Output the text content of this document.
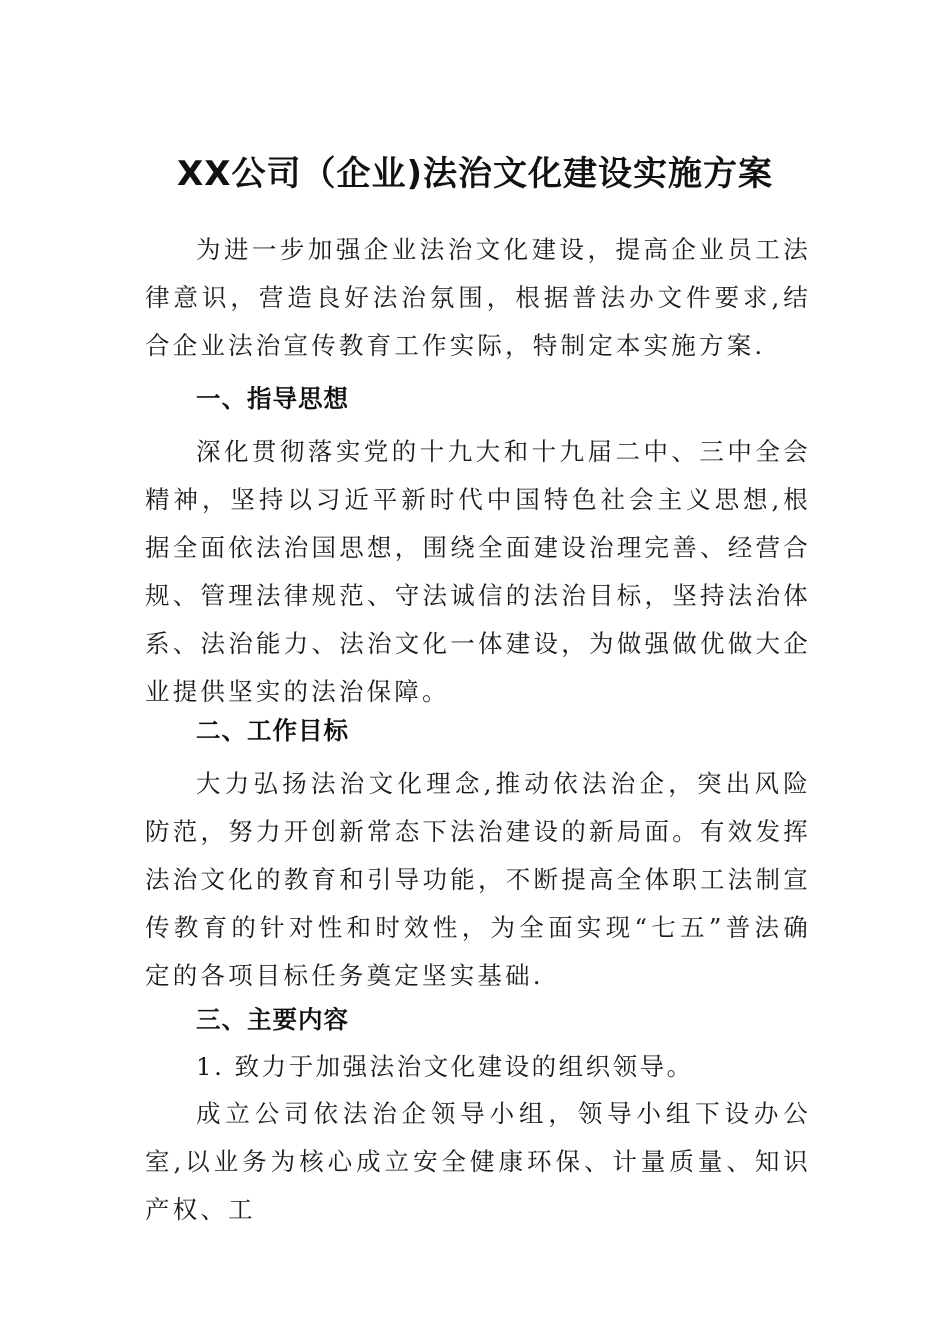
XX公司（企业)法治文化建设实施方案

为进一步加强企业法治文化建设，提高企业员工法律意识，营造良好法治氛围，根据普法办文件要求,结合企业法治宣传教育工作实际，特制定本实施方案.

一、指导思想

深化贯彻落实党的十九大和十九届二中、三中全会精神，坚持以习近平新时代中国特色社会主义思想,根据全面依法治国思想，围绕全面建设治理完善、经营合规、管理法律规范、守法诚信的法治目标，坚持法治体系、法治能力、法治文化一体建设，为做强做优做大企业提供坚实的法治保障。

二、工作目标

大力弘扬法治文化理念,推动依法治企，突出风险防范，努力开创新常态下法治建设的新局面。有效发挥法治文化的教育和引导功能，不断提高全体职工法制宣传教育的针对性和时效性，为全面实现“七五”普法确定的各项目标任务奠定坚实基础.

三、主要内容

1. 致力于加强法治文化建设的组织领导。

成立公司依法治企领导小组，领导小组下设办公室,以业务为核心成立安全健康环保、计量质量、知识产权、工
